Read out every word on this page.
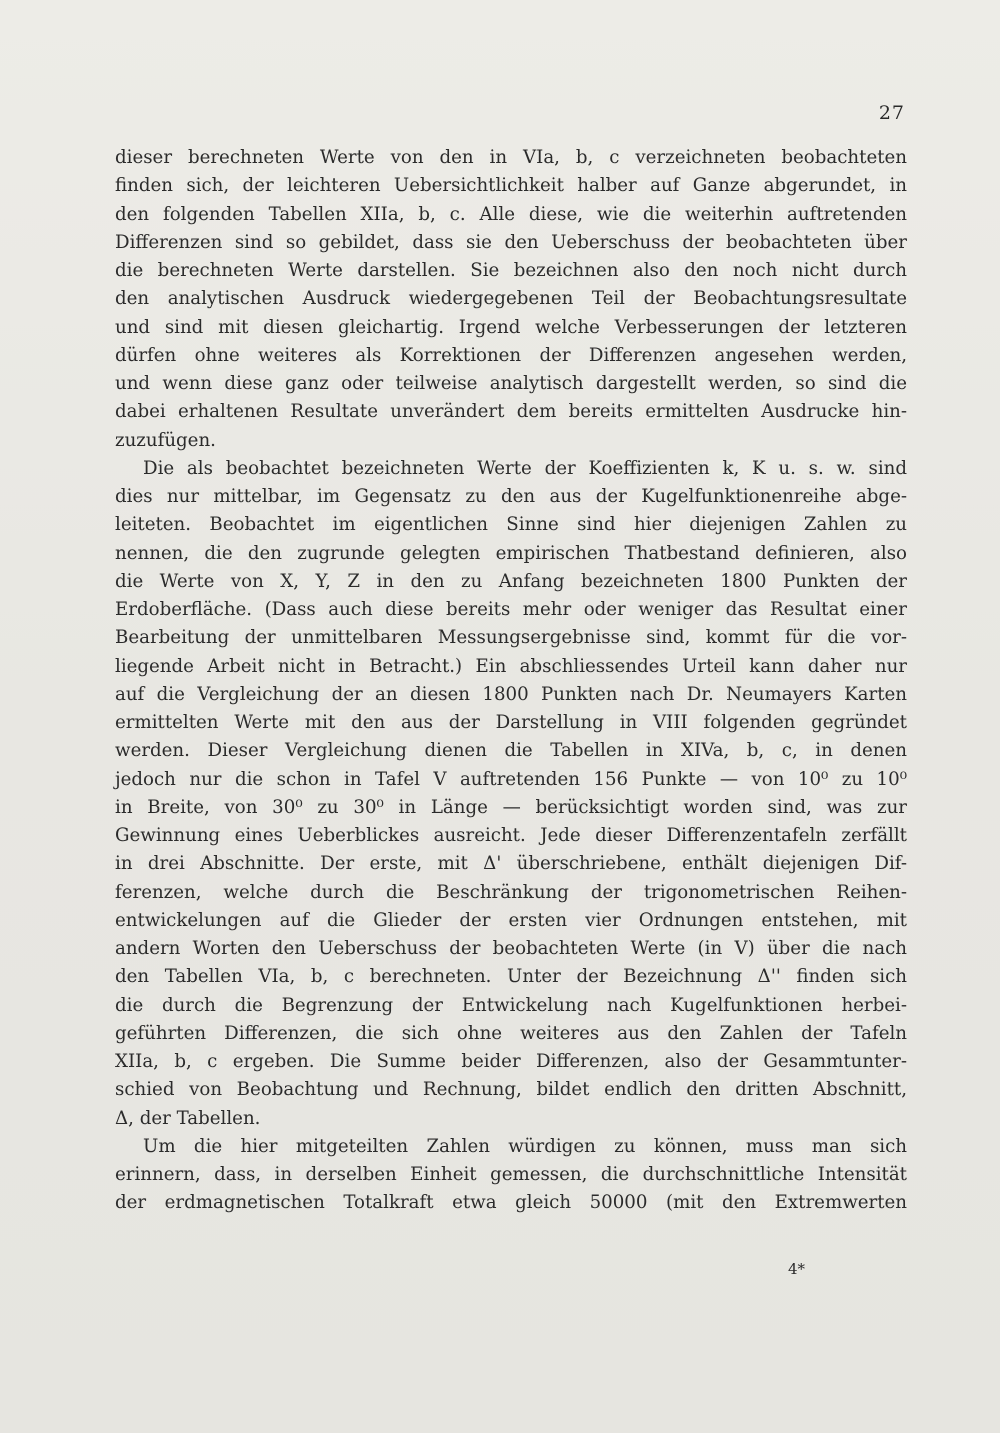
27
dieser berechneten Werte von den in VIa, b, c verzeichneten beobachteten
finden sich, der leichteren Uebersichtlichkeit halber auf Ganze abgerundet, in
den folgenden Tabellen XIIa, b, c. Alle diese, wie die weiterhin auftretenden
Differenzen sind so gebildet, dass sie den Ueberschuss der beobachteten über
die berechneten Werte darstellen. Sie bezeichnen also den noch nicht durch
den analytischen Ausdruck wiedergegebenen Teil der Beobachtungsresultate
und sind mit diesen gleichartig. Irgend welche Verbesserungen der letzteren
dürfen ohne weiteres als Korrektionen der Differenzen angesehen werden,
und wenn diese ganz oder teilweise analytisch dargestellt werden, so sind die
dabei erhaltenen Resultate unverändert dem bereits ermittelten Ausdrucke hin-
zuzufügen.
Die als beobachtet bezeichneten Werte der Koeffizienten k, K u. s. w. sind
dies nur mittelbar, im Gegensatz zu den aus der Kugelfunktionenreihe abge-
leiteten. Beobachtet im eigentlichen Sinne sind hier diejenigen Zahlen zu
nennen, die den zugrunde gelegten empirischen Thatbestand definieren, also
die Werte von X, Y, Z in den zu Anfang bezeichneten 1800 Punkten der
Erdoberfläche. (Dass auch diese bereits mehr oder weniger das Resultat einer
Bearbeitung der unmittelbaren Messungsergebnisse sind, kommt für die vor-
liegende Arbeit nicht in Betracht.) Ein abschliessendes Urteil kann daher nur
auf die Vergleichung der an diesen 1800 Punkten nach Dr. Neumayers Karten
ermittelten Werte mit den aus der Darstellung in VIII folgenden gegründet
werden. Dieser Vergleichung dienen die Tabellen in XIVa, b, c, in denen
jedoch nur die schon in Tafel V auftretenden 156 Punkte — von 10⁰ zu 10⁰
in Breite, von 30⁰ zu 30⁰ in Länge — berücksichtigt worden sind, was zur
Gewinnung eines Ueberblickes ausreicht. Jede dieser Differenzentafeln zerfällt
in drei Abschnitte. Der erste, mit Δ' überschriebene, enthält diejenigen Dif-
ferenzen, welche durch die Beschränkung der trigonometrischen Reihen-
entwickelungen auf die Glieder der ersten vier Ordnungen entstehen, mit
andern Worten den Ueberschuss der beobachteten Werte (in V) über die nach
den Tabellen VIa, b, c berechneten. Unter der Bezeichnung Δ'' finden sich
die durch die Begrenzung der Entwickelung nach Kugelfunktionen herbei-
geführten Differenzen, die sich ohne weiteres aus den Zahlen der Tafeln
XIIa, b, c ergeben. Die Summe beider Differenzen, also der Gesammtunter-
schied von Beobachtung und Rechnung, bildet endlich den dritten Abschnitt,
Δ, der Tabellen.
Um die hier mitgeteilten Zahlen würdigen zu können, muss man sich
erinnern, dass, in derselben Einheit gemessen, die durchschnittliche Intensität
der erdmagnetischen Totalkraft etwa gleich 50000 (mit den Extremwerten
4*
